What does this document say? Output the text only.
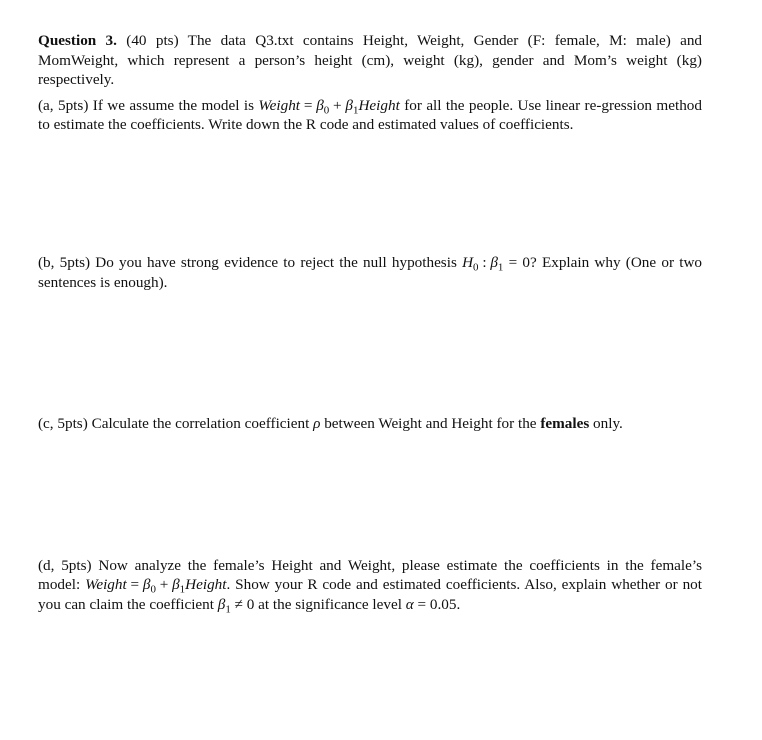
Question 3. (40 pts) The data Q3.txt contains Height, Weight, Gender (F: female, M: male) and MomWeight, which represent a person’s height (cm), weight (kg), gender and Mom’s weight (kg) respectively.

(a, 5pts) If we assume the model is Weight = $\beta_0$ + $\beta_1Height$ for all the people. Use linear re-gression method to estimate the coefficients. Write down the R code and estimated values of coefficients.

(b, 5pts) Do you have strong evidence to reject the null hypothesis $H_0$ : $\beta_1 = 0$? Explain why (One or two sentences is enough).

(c, 5pts) Calculate the correlation coefficient ρ between Weight and Height for the females only.

(d, 5pts) Now analyze the female’s Height and Weight, please estimate the coefficients in the female’s model: Weight = $\beta_0$ + $\beta_1Height$. Show your R code and estimated coefficients. Also, explain whether or not you can claim the coefficient $\beta_1 \ne 0$ at the significance level α = 0.05.
